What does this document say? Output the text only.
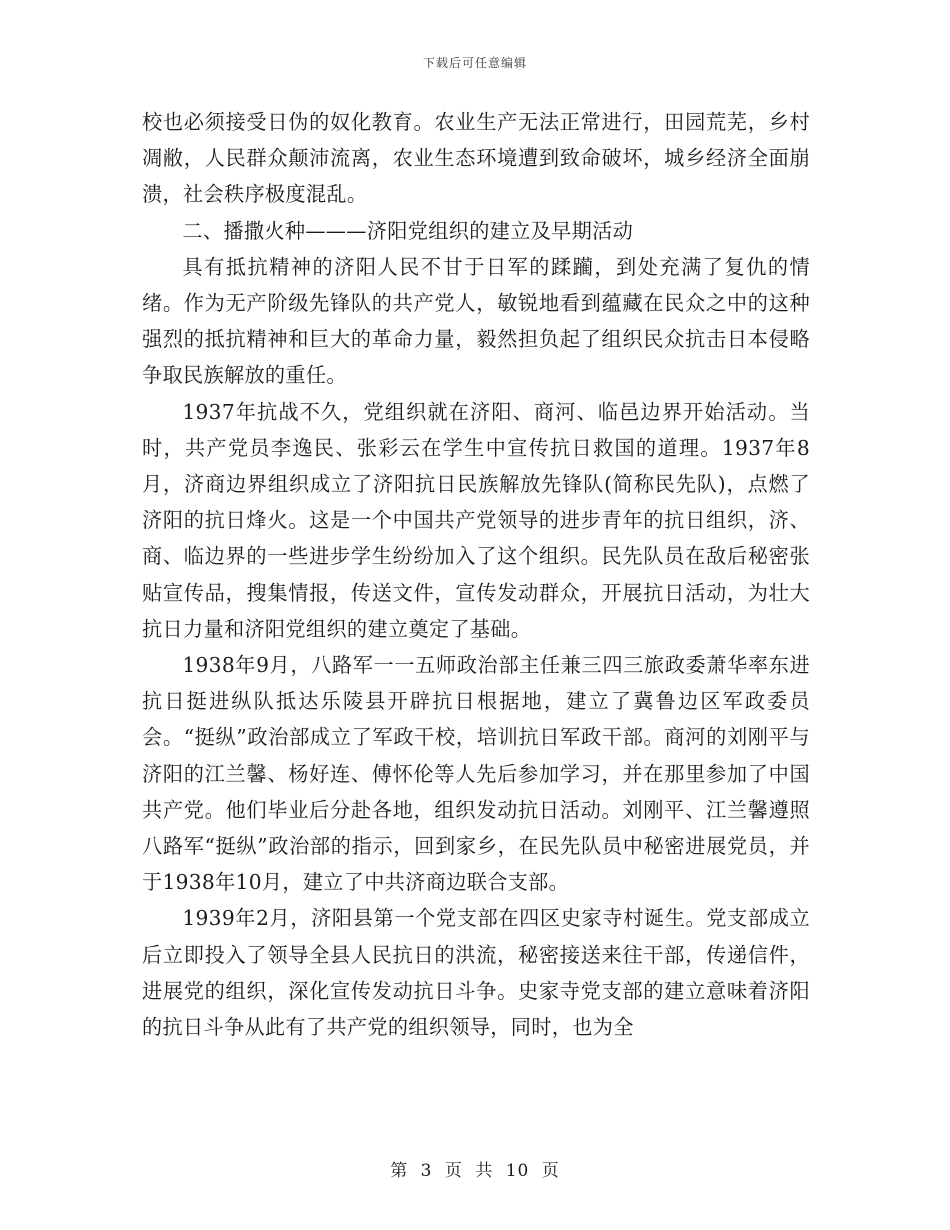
下载后可任意编辑

校也必须接受日伪的奴化教育。农业生产无法正常进行，田园荒芜，乡村凋敝，人民群众颠沛流离，农业生态环境遭到致命破坏，城乡经济全面崩溃，社会秩序极度混乱。

二、播撒火种———济阳党组织的建立及早期活动

具有抵抗精神的济阳人民不甘于日军的蹂躏，到处充满了复仇的情绪。作为无产阶级先锋队的共产党人，敏锐地看到蕴藏在民众之中的这种强烈的抵抗精神和巨大的革命力量，毅然担负起了组织民众抗击日本侵略争取民族解放的重任。

1937年抗战不久，党组织就在济阳、商河、临邑边界开始活动。当时，共产党员李逸民、张彩云在学生中宣传抗日救国的道理。1937年8月，济商边界组织成立了济阳抗日民族解放先锋队(简称民先队)，点燃了济阳的抗日烽火。这是一个中国共产党领导的进步青年的抗日组织，济、商、临边界的一些进步学生纷纷加入了这个组织。民先队员在敌后秘密张贴宣传品，搜集情报，传送文件，宣传发动群众，开展抗日活动，为壮大抗日力量和济阳党组织的建立奠定了基础。

1938年9月，八路军一一五师政治部主任兼三四三旅政委萧华率东进抗日挺进纵队抵达乐陵县开辟抗日根据地，建立了冀鲁边区军政委员会。“挺纵”政治部成立了军政干校，培训抗日军政干部。商河的刘刚平与济阳的江兰馨、杨好连、傅怀伦等人先后参加学习，并在那里参加了中国共产党。他们毕业后分赴各地，组织发动抗日活动。刘刚平、江兰馨遵照八路军“挺纵”政治部的指示，回到家乡，在民先队员中秘密进展党员，并于1938年10月，建立了中共济商边联合支部。

1939年2月，济阳县第一个党支部在四区史家寺村诞生。党支部成立后立即投入了领导全县人民抗日的洪流，秘密接送来往干部，传递信件，进展党的组织，深化宣传发动抗日斗争。史家寺党支部的建立意味着济阳的抗日斗争从此有了共产党的组织领导，同时，也为全

第 3 页 共 10 页
